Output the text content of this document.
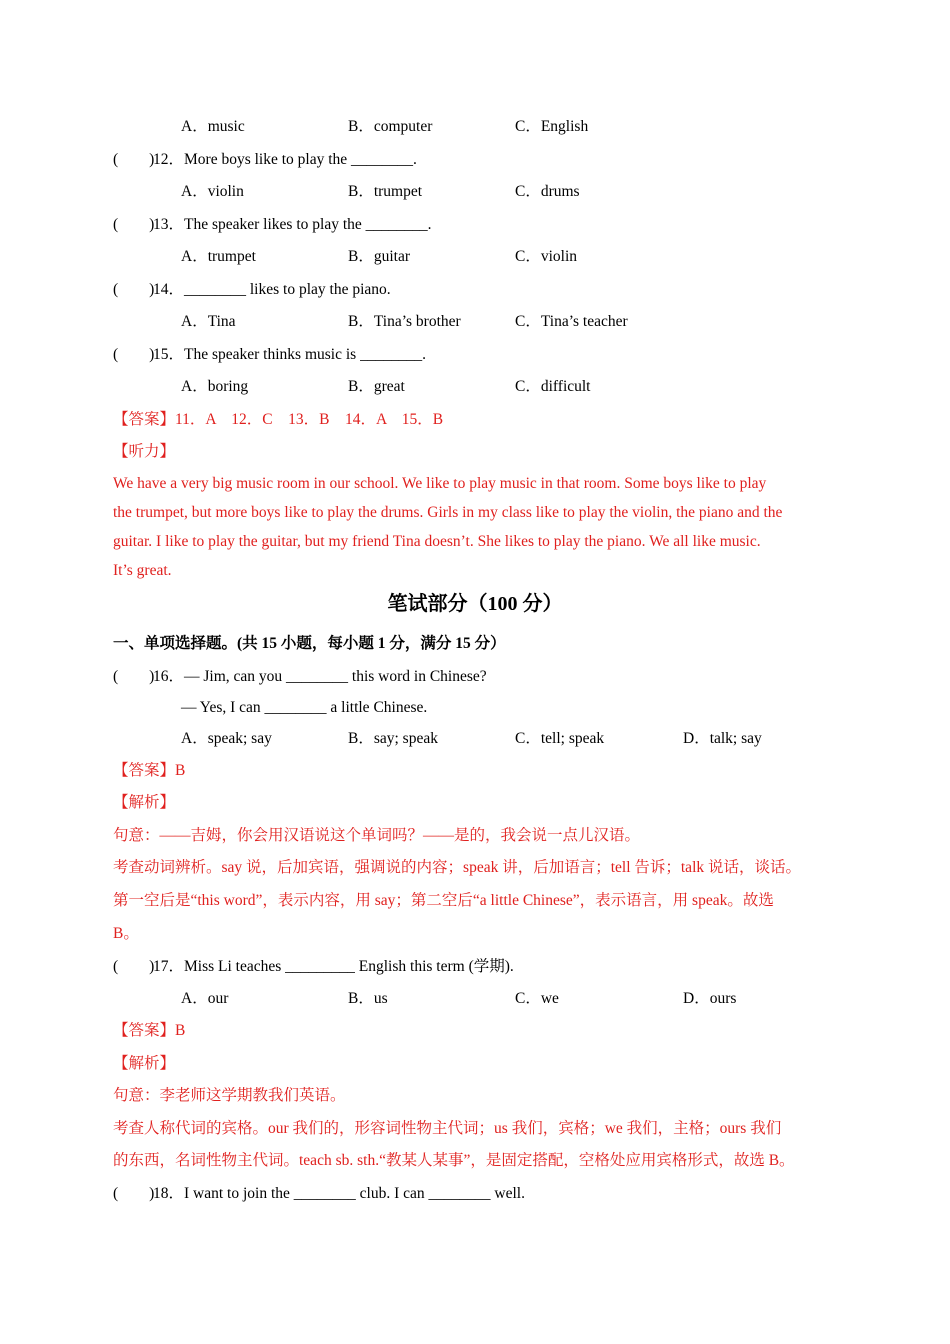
A．music	B．computer	C．English
(　　)
12．More boys like to play the ________.
A．violin	B．trumpet	C．drums
(　　)
13．The speaker likes to play the ________.
A．trumpet	B．guitar	C．violin
(　　)
14．________ likes to play the piano.
A．Tina	B．Tina’s brother	C．Tina’s teacher
(　　)
15．The speaker thinks music is ________.
A．boring	B．great	C．difficult
【答案】11．A　12．C　13．B　14．A　15．B
【听力】
We have a very big music room in our school. We like to play music in that room. Some boys like to play
the trumpet, but more boys like to play the drums. Girls in my class like to play the violin, the piano and the
guitar. I like to play the guitar, but my friend Tina doesn’t. She likes to play the piano. We all like music.
It’s great.
笔试部分（100 分）
一、单项选择题。(共 15 小题，每小题 1 分，满分 15 分）
(　　)
16．— Jim, can you ________ this word in Chinese?
— Yes, I can ________ a little Chinese.
A．speak; say	B．say; speak	C．tell; speak	D．talk; say
【答案】B
【解析】
句意：——吉姆，你会用汉语说这个单词吗？——是的，我会说一点儿汉语。
考查动词辨析。say 说，后加宾语，强调说的内容；speak 讲，后加语言；tell 告诉；talk 说话，谈话。
第一空后是“this word”，表示内容，用 say；第二空后“a little Chinese”，表示语言，用 speak。故选
B。
(　　)
17．Miss Li teaches _________ English this term (学期).
A．our	B．us	C．we	D．ours
【答案】B
【解析】
句意：李老师这学期教我们英语。
考查人称代词的宾格。our 我们的，形容词性物主代词；us 我们，宾格；we 我们，主格；ours 我们
的东西，名词性物主代词。teach sb. sth.“教某人某事”，是固定搭配，空格处应用宾格形式，故选 B。
(　　)
18．I want to join the ________ club. I can ________ well.
